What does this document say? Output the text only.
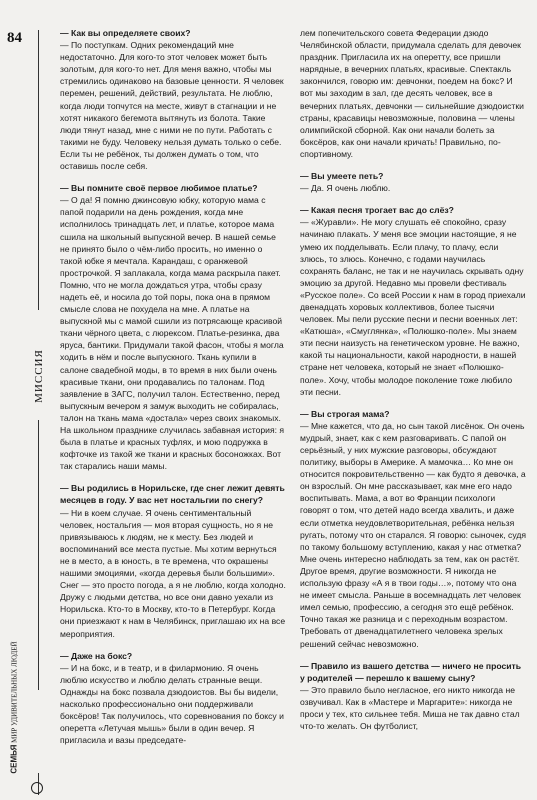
84
МИССИЯ
СЕМЬЯ МИР УДИВИТЕЛЬНЫХ ЛЮДЕЙ

— Как вы определяете своих?

— По поступкам. Одних рекомендаций мне недостаточно. Для кого-то этот человек может быть золотым, для кого-то нет. Для меня важно, чтобы мы стремились одинаково на базовые ценности. Я человек перемен, решений, действий, результата. Не люблю, когда люди топчутся на месте, живут в стагнации и не хотят никакого бегемота вытянуть из болота. Такие люди тянут назад, мне с ними не по пути. Работать с такими не буду. Человеку нельзя думать только о себе. Если ты не ребёнок, ты должен думать о том, что оставишь после себя.

— Вы помните своё первое любимое платье?

— О да! Я помню джинсовую юбку, которую мама с папой подарили на день рождения, когда мне исполнилось тринадцать лет, и платье, которое мама сшила на школьный выпускной вечер. В нашей семье не принято было о чём-либо просить, но именно о такой юбке я мечтала. Карандаш, с оранжевой прострочкой. Я заплакала, когда мама раскрыла пакет. Помню, что не могла дождаться утра, чтобы сразу надеть её, и носила до той поры, пока она в прямом смысле слова не похудела на мне. А платье на выпускной мы с мамой сшили из потрясающе красивой ткани чёрного цвета, с люрексом. Платье-резинка, два яруса, бантики. Придумали такой фасон, чтобы я могла ходить в нём и после выпускного. Ткань купили в салоне свадебной моды, в то время в них были очень красивые ткани, они продавались по талонам. Под заявление в ЗАГС, получил талон. Естественно, перед выпускным вечером я замуж выходить не собиралась, талон на ткань мама «достала» через своих знакомых. На школьном празднике случилась забавная история: я была в платье и красных туфлях, и мою подружка в кофточке из такой же ткани и красных босоножках. Вот так старались наши мамы.

— Вы родились в Норильске, где снег лежит девять месяцев в году. У вас нет ностальгии по снегу?

— Ни в коем случае. Я очень сентиментальный человек, ностальгия — моя вторая сущность, но я не привязываюсь к людям, не к месту. Без людей и воспоминаний все места пустые. Мы хотим вернуться не в место, а в юность, в те времена, что окрашены нашими эмоциями, «когда деревья были большими». Снег — это просто погода, а я не люблю, когда холодно. Дружу с людьми детства, но все они давно уехали из Норильска. Кто-то в Москву, кто-то в Петербург. Когда они приезжают к нам в Челябинск, приглашаю их на все мероприятия.

— Даже на бокс?

— И на бокс, и в театр, и в филармонию. Я очень люблю искусство и люблю делать странные вещи. Однажды на бокс позвала дзюдоистов. Вы бы видели, насколько профессионально они поддерживали боксёров! Так получилось, что соревнования по боксу и оперетта «Летучая мышь» были в один вечер. Я пригласила и вазы председате-

лем попечительского совета Федерации дзюдо Челябинской области, придумала сделать для девочек праздник. Пригласила их на оперетту, все пришли нарядные, в вечерних платьях, красивые. Спектакль закончился, говорю им: девчонки, поедем на бокс? И вот мы заходим в зал, где десять человек, все в вечерних платьях, девчонки — сильнейшие дзюдоистки страны, красавицы невозможные, половина — члены олимпийской сборной. Как они начали болеть за боксёров, как они начали кричать! Правильно, по-спортивному.

— Вы умеете петь?

— Да. Я очень люблю.

— Какая песня трогает вас до слёз?

— «Журавли». Не могу слушать её спокойно, сразу начинаю плакать. У меня все эмоции настоящие, я не умею их подделывать. Если плачу, то плачу, если злюсь, то злюсь. Конечно, с годами научилась сохранять баланс, не так и не научилась скрывать одну эмоцию за другой. Недавно мы провели фестиваль «Русское поле». Со всей России к нам в город приехали двенадцать хоровых коллективов, более тысячи человек. Мы пели русские песни и песни военных лет: «Катюша», «Смуглянка», «Полюшко-поле». Мы знаем эти песни наизусть на генетическом уровне. Не важно, какой ты национальности, какой народности, в нашей стране нет человека, который не знает «Полюшко-поле». Хочу, чтобы молодое поколение тоже любило эти песни.

— Вы строгая мама?

— Мне кажется, что да, но сын такой лисёнок. Он очень мудрый, знает, как с кем разговаривать. С папой он серьёзный, у них мужские разговоры, обсуждают политику, выборы в Америке. А мамочка… Ко мне он относится покровительственно — как будто я девочка, а он взрослый. Он мне рассказывает, как мне его надо воспитывать. Мама, а вот во Франции психологи говорят о том, что детей надо всегда хвалить, и даже если отметка неудовлетворительная, ребёнка нельзя ругать, потому что он старался. Я говорю: сыночек, судя по такому большому вступлению, какая у нас отметка? Мне очень интересно наблюдать за тем, как он растёт. Другое время, другие возможности. Я никогда не использую фразу «А я в твои годы…», потому что она не имеет смысла. Раньше в восемнадцать лет человек имел семью, профессию, а сегодня это ещё ребёнок. Точно такая же разница и с переходным возрастом. Требовать от двенадцатилетнего человека зрелых решений сейчас невозможно.

— Правило из вашего детства — ничего не просить у родителей — перешло к вашему сыну?

— Это правило было негласное, его никто никогда не озвучивал. Как в «Мастере и Маргарите»: никогда не проси у тех, кто сильнее тебя. Миша не так давно стал что-то желать. Он футболист,
